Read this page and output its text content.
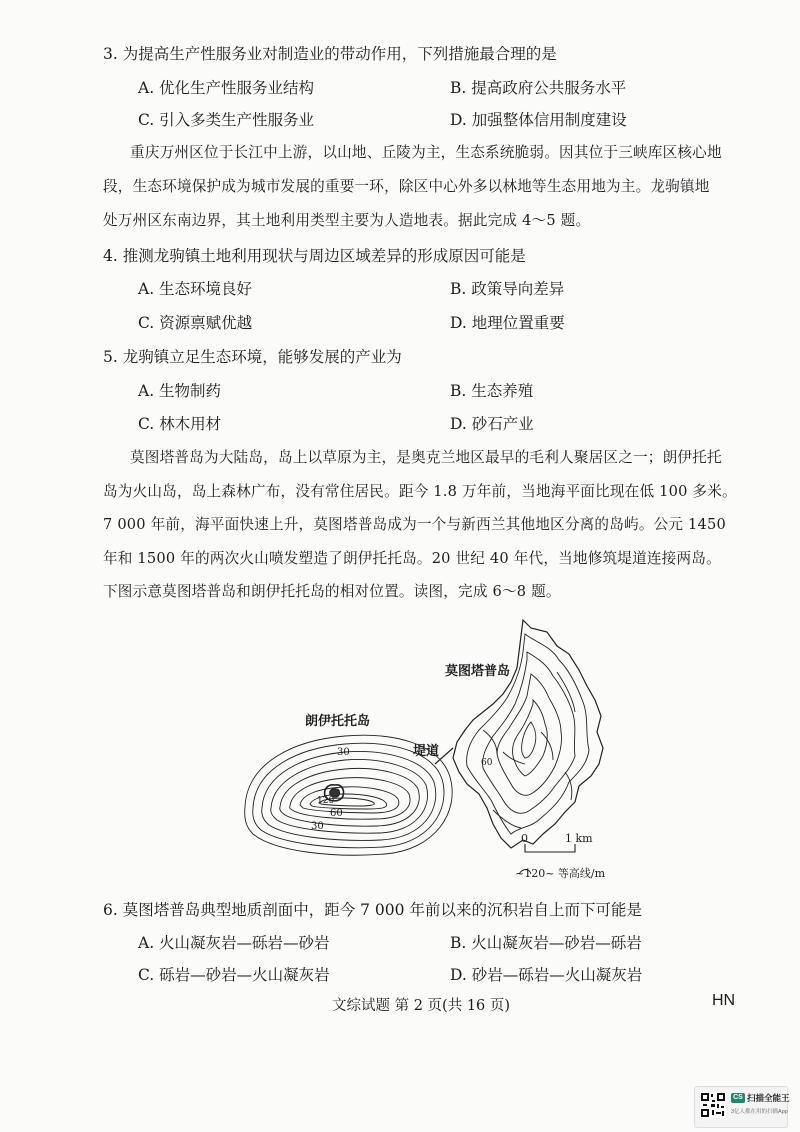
3. 为提高生产性服务业对制造业的带动作用，下列措施最合理的是
A. 优化生产性服务业结构	B. 提高政府公共服务水平
C. 引入多类生产性服务业	D. 加强整体信用制度建设
重庆万州区位于长江中上游，以山地、丘陵为主，生态系统脆弱。因其位于三峡库区核心地
段，生态环境保护成为城市发展的重要一环，除区中心外多以林地等生态用地为主。龙驹镇地
处万州区东南边界，其土地利用类型主要为人造地表。据此完成 4～5 题。
4. 推测龙驹镇土地利用现状与周边区域差异的形成原因可能是
A. 生态环境良好	B. 政策导向差异
C. 资源禀赋优越	D. 地理位置重要
5. 龙驹镇立足生态环境，能够发展的产业为
A. 生物制药	B. 生态养殖
C. 林木用材	D. 砂石产业
莫图塔普岛为大陆岛，岛上以草原为主，是奥克兰地区最早的毛利人聚居区之一；朗伊托托
岛为火山岛，岛上森林广布，没有常住居民。距今 1.8 万年前，当地海平面比现在低 100 多米。
7 000 年前，海平面快速上升，莫图塔普岛成为一个与新西兰其他地区分离的岛屿。公元 1450
年和 1500 年的两次火山喷发塑造了朗伊托托岛。20 世纪 40 年代，当地修筑堤道连接两岛。
下图示意莫图塔普岛和朗伊托托岛的相对位置。读图，完成 6～8 题。
莫图塔普岛
朗伊托托岛
堤道
30
60
30
120
60
0	1 km
~120~ 等高线/m
6. 莫图塔普岛典型地质剖面中，距今 7 000 年前以来的沉积岩自上而下可能是
A. 火山凝灰岩—砾岩—砂岩	B. 火山凝灰岩—砂岩—砾岩
C. 砾岩—砂岩—火山凝灰岩	D. 砂岩—砾岩—火山凝灰岩
文综试题 第 2 页(共 16 页)	HN
CS 扫描全能王
3亿人都在用的扫描App
